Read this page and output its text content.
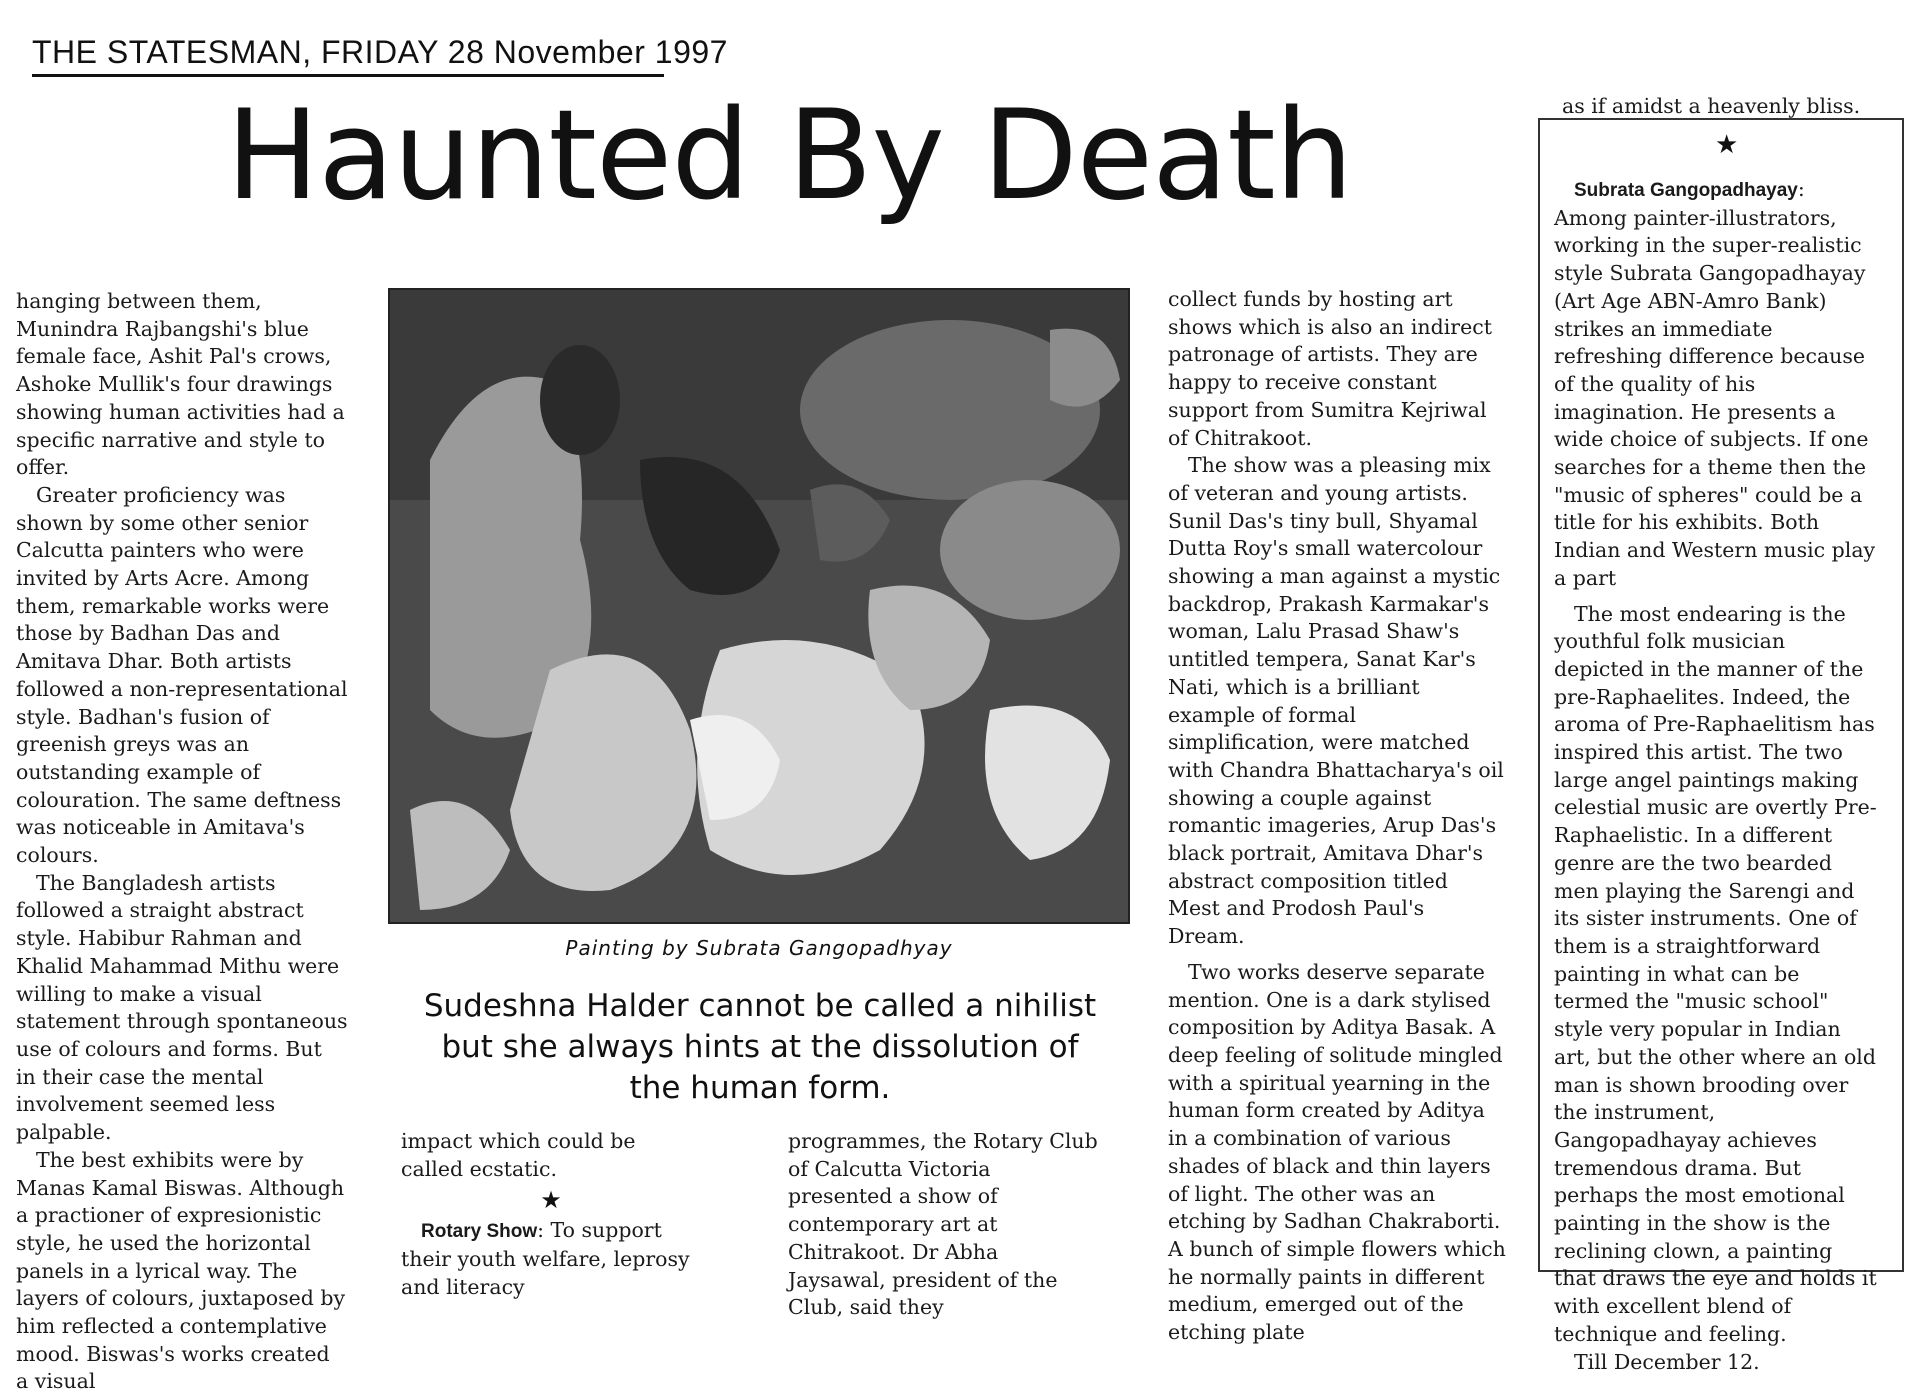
THE STATESMAN, FRIDAY 28 November 1997
Haunted By Death

hanging between them, Munindra Rajbangshi's blue female face, Ashit Pal's crows, Ashoke Mullik's four drawings showing human activities had a specific narrative and style to offer.

Greater proficiency was shown by some other senior Calcutta painters who were invited by Arts Acre. Among them, remarkable works were those by Badhan Das and Amitava Dhar. Both artists followed a non-representational style. Badhan's fusion of greenish greys was an outstanding example of colouration. The same deftness was noticeable in Amitava's colours.

The Bangladesh artists followed a straight abstract style. Habibur Rahman and Khalid Mahammad Mithu were willing to make a visual statement through spontaneous use of colours and forms. But in their case the mental involvement seemed less palpable.

The best exhibits were by Manas Kamal Biswas. Although a practioner of expresionistic style, he used the horizontal panels in a lyrical way. The layers of colours, juxtaposed by him reflected a contemplative mood. Biswas's works created a visual

Painting by Subrata Gangopadhyay
Sudeshna Halder cannot be called a nihilist but she always hints at the dissolution of the human form.

impact which could be called ecstatic.

★

Rotary Show: To support their youth welfare, leprosy and literacy

programmes, the Rotary Club of Calcutta Victoria presented a show of contemporary art at Chitrakoot. Dr Abha Jaysawal, president of the Club, said they

collect funds by hosting art shows which is also an indirect patronage of artists. They are happy to receive constant support from Sumitra Kejriwal of Chitrakoot.

The show was a pleasing mix of veteran and young artists. Sunil Das's tiny bull, Shyamal Dutta Roy's small watercolour showing a man against a mystic backdrop, Prakash Karmakar's woman, Lalu Prasad Shaw's untitled tempera, Sanat Kar's Nati, which is a brilliant example of formal simplification, were matched with Chandra Bhattacharya's oil showing a couple against romantic imageries, Arup Das's black portrait, Amitava Dhar's abstract composition titled Mest and Prodosh Paul's Dream.

Two works deserve separate mention. One is a dark stylised composition by Aditya Basak. A deep feeling of solitude mingled with a spiritual yearning in the human form created by Aditya in a combination of various shades of black and thin layers of light. The other was an etching by Sadhan Chakraborti. A bunch of simple flowers which he normally paints in different medium, emerged out of the etching plate

as if amidst a heavenly bliss.
★

Subrata Gangopadhayay: Among painter-illustrators, working in the super-realistic style Subrata Gangopadhayay (Art Age ABN-Amro Bank) strikes an immediate refreshing difference because of the quality of his imagination. He presents a wide choice of subjects. If one searches for a theme then the "music of spheres" could be a title for his exhibits. Both Indian and Western music play a part

The most endearing is the youthful folk musician depicted in the manner of the pre-Raphaelites. Indeed, the aroma of Pre-Raphaelitism has inspired this artist. The two large angel paintings making celestial music are overtly Pre-Raphaelistic. In a different genre are the two bearded men playing the Sarengi and its sister instruments. One of them is a straightforward painting in what can be termed the "music school" style very popular in Indian art, but the other where an old man is shown brooding over the instrument, Gangopadhayay achieves tremendous drama. But perhaps the most emotional painting in the show is the reclining clown, a painting that draws the eye and holds it with excellent blend of technique and feeling.

Till December 12.
